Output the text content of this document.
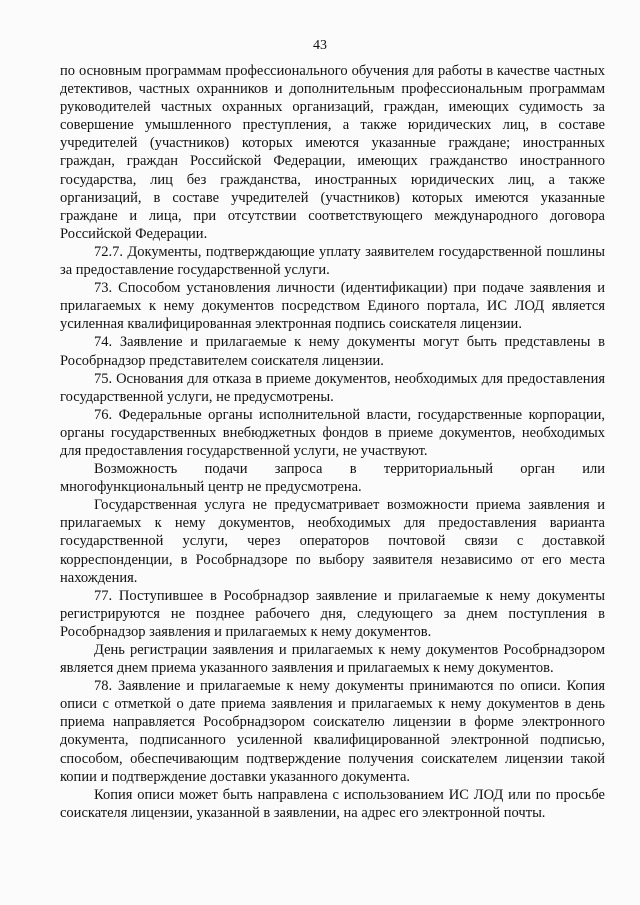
43

по основным программам профессионального обучения для работы в качестве частных детективов, частных охранников и дополнительным профессиональным программам руководителей частных охранных организаций, граждан, имеющих судимость за совершение умышленного преступления, а также юридических лиц, в составе учредителей (участников) которых имеются указанные граждане; иностранных граждан, граждан Российской Федерации, имеющих гражданство иностранного государства, лиц без гражданства, иностранных юридических лиц, а также организаций, в составе учредителей (участников) которых имеются указанные граждане и лица, при отсутствии соответствующего международного договора Российской Федерации.

72.7. Документы, подтверждающие уплату заявителем государственной пошлины за предоставление государственной услуги.

73. Способом установления личности (идентификации) при подаче заявления и прилагаемых к нему документов посредством Единого портала, ИС ЛОД является усиленная квалифицированная электронная подпись соискателя лицензии.

74. Заявление и прилагаемые к нему документы могут быть представлены в Рособрнадзор представителем соискателя лицензии.

75. Основания для отказа в приеме документов, необходимых для предоставления государственной услуги, не предусмотрены.

76. Федеральные органы исполнительной власти, государственные корпорации, органы государственных внебюджетных фондов в приеме документов, необходимых для предоставления государственной услуги, не участвуют.

Возможность подачи запроса в территориальный орган или многофункциональный центр не предусмотрена.

Государственная услуга не предусматривает возможности приема заявления и прилагаемых к нему документов, необходимых для предоставления варианта государственной услуги, через операторов почтовой связи с доставкой корреспонденции, в Рособрнадзоре по выбору заявителя независимо от его места нахождения.

77. Поступившее в Рособрнадзор заявление и прилагаемые к нему документы регистрируются не позднее рабочего дня, следующего за днем поступления в Рособрнадзор заявления и прилагаемых к нему документов.

День регистрации заявления и прилагаемых к нему документов Рособрнадзором является днем приема указанного заявления и прилагаемых к нему документов.

78. Заявление и прилагаемые к нему документы принимаются по описи. Копия описи с отметкой о дате приема заявления и прилагаемых к нему документов в день приема направляется Рособрнадзором соискателю лицензии в форме электронного документа, подписанного усиленной квалифицированной электронной подписью, способом, обеспечивающим подтверждение получения соискателем лицензии такой копии и подтверждение доставки указанного документа.

Копия описи может быть направлена с использованием ИС ЛОД или по просьбе соискателя лицензии, указанной в заявлении, на адрес его электронной почты.
